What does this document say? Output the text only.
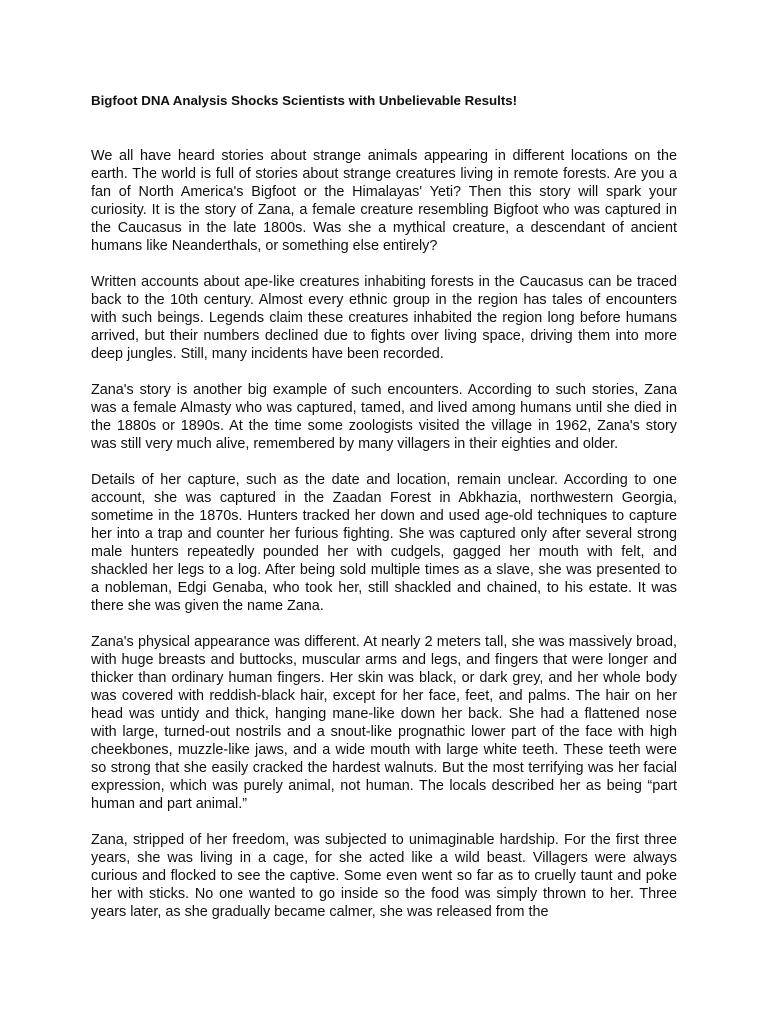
Bigfoot DNA Analysis Shocks Scientists with Unbelievable Results!

We all have heard stories about strange animals appearing in different locations on the earth. The world is full of stories about strange creatures living in remote forests. Are you a fan of North America's Bigfoot or the Himalayas' Yeti? Then this story will spark your curiosity. It is the story of Zana, a female creature resembling Bigfoot who was captured in the Caucasus in the late 1800s. Was she a mythical creature, a descendant of ancient humans like Neanderthals, or something else entirely?

Written accounts about ape-like creatures inhabiting forests in the Caucasus can be traced back to the 10th century. Almost every ethnic group in the region has tales of encounters with such beings. Legends claim these creatures inhabited the region long before humans arrived, but their numbers declined due to fights over living space, driving them into more deep jungles. Still, many incidents have been recorded.

Zana's story is another big example of such encounters. According to such stories, Zana was a female Almasty who was captured, tamed, and lived among humans until she died in the 1880s or 1890s. At the time some zoologists visited the village in 1962, Zana's story was still very much alive, remembered by many villagers in their eighties and older.

Details of her capture, such as the date and location, remain unclear. According to one account, she was captured in the Zaadan Forest in Abkhazia, northwestern Georgia, sometime in the 1870s. Hunters tracked her down and used age-old techniques to capture her into a trap and counter her furious fighting. She was captured only after several strong male hunters repeatedly pounded her with cudgels, gagged her mouth with felt, and shackled her legs to a log. After being sold multiple times as a slave, she was presented to a nobleman, Edgi Genaba, who took her, still shackled and chained, to his estate. It was there she was given the name Zana.

Zana's physical appearance was different. At nearly 2 meters tall, she was massively broad, with huge breasts and buttocks, muscular arms and legs, and fingers that were longer and thicker than ordinary human fingers. Her skin was black, or dark grey, and her whole body was covered with reddish-black hair, except for her face, feet, and palms. The hair on her head was untidy and thick, hanging mane-like down her back. She had a flattened nose with large, turned-out nostrils and a snout-like prognathic lower part of the face with high cheekbones, muzzle-like jaws, and a wide mouth with large white teeth. These teeth were so strong that she easily cracked the hardest walnuts. But the most terrifying was her facial expression, which was purely animal, not human. The locals described her as being “part human and part animal.”

Zana, stripped of her freedom, was subjected to unimaginable hardship. For the first three years, she was living in a cage, for she acted like a wild beast. Villagers were always curious and flocked to see the captive. Some even went so far as to cruelly taunt and poke her with sticks. No one wanted to go inside so the food was simply thrown to her. Three years later, as she gradually became calmer, she was released from the
